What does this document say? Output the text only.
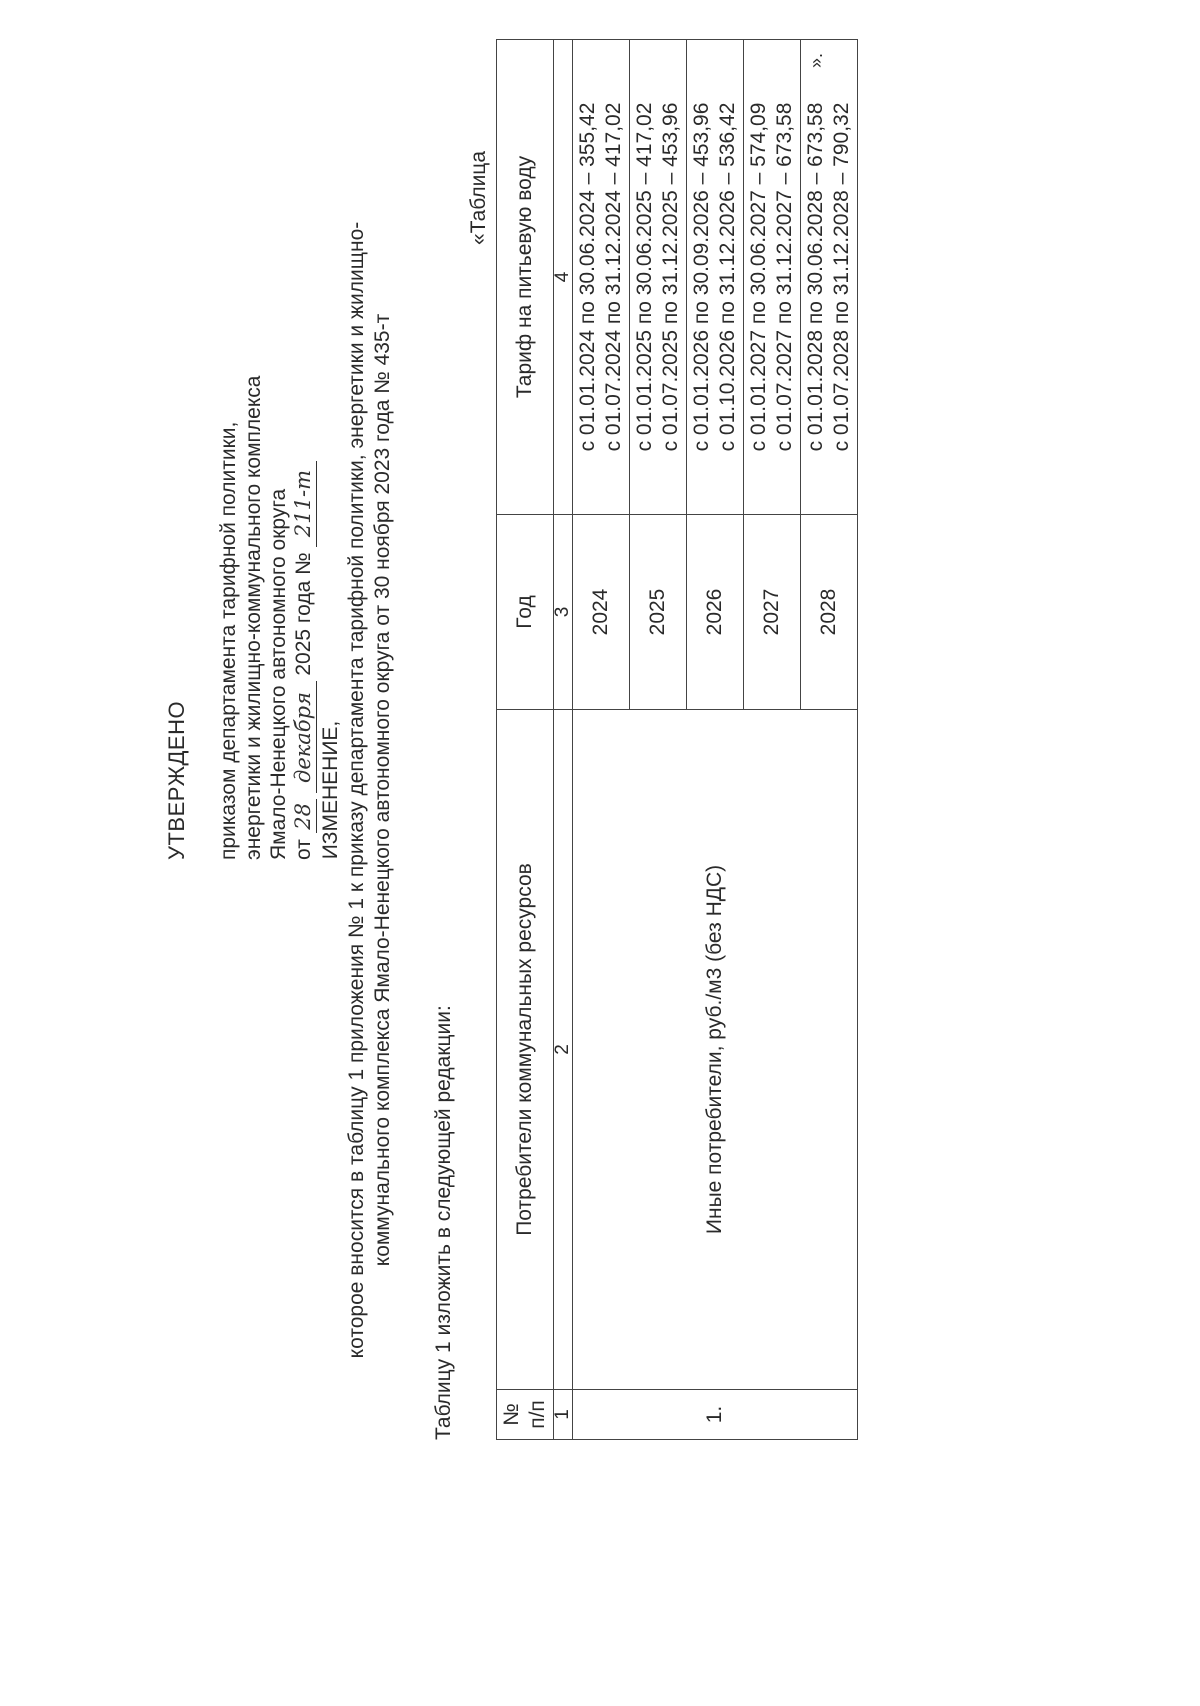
УТВЕРЖДЕНО приказом департамента тарифной политики, энергетики и жилищно-коммунального комплекса Ямало-Ненецкого автономного округа от 28 декабря 2025 года № 211-т
ИЗМЕНЕНИЕ, которое вносится в таблицу 1 приложения № 1 к приказу департамента тарифной политики, энергетики и жилищно- коммунального комплекса Ямало-Ненецкого автономного округа от 30 ноября 2023 года № 435-т Таблицу 1 изложить в следующей редакции:
«Таблица
№ п/п	Потребители коммунальных ресурсов	Год	Тариф на питьевую воду
1	2	3	4
1.	Иные потребители, руб./м3 (без НДС)	2024	с 01.01.2024 по 30.06.2024 – 355,42 с 01.07.2024 по 31.12.2024 – 417,02

		2025	с 01.01.2025 по 30.06.2025 – 417,02 с 01.07.2025 по 31.12.2025 – 453,96

		2026	с 01.01.2026 по 30.09.2026 – 453,96 с 01.10.2026 по 31.12.2026 – 536,42

		2027	с 01.01.2027 по 30.06.2027 – 574,09 с 01.07.2027 по 31.12.2027 – 673,58

		2028	с 01.01.2028 по 30.06.2028 – 673,58 с 01.07.2028 по 31.12.2028 – 790,32
».
